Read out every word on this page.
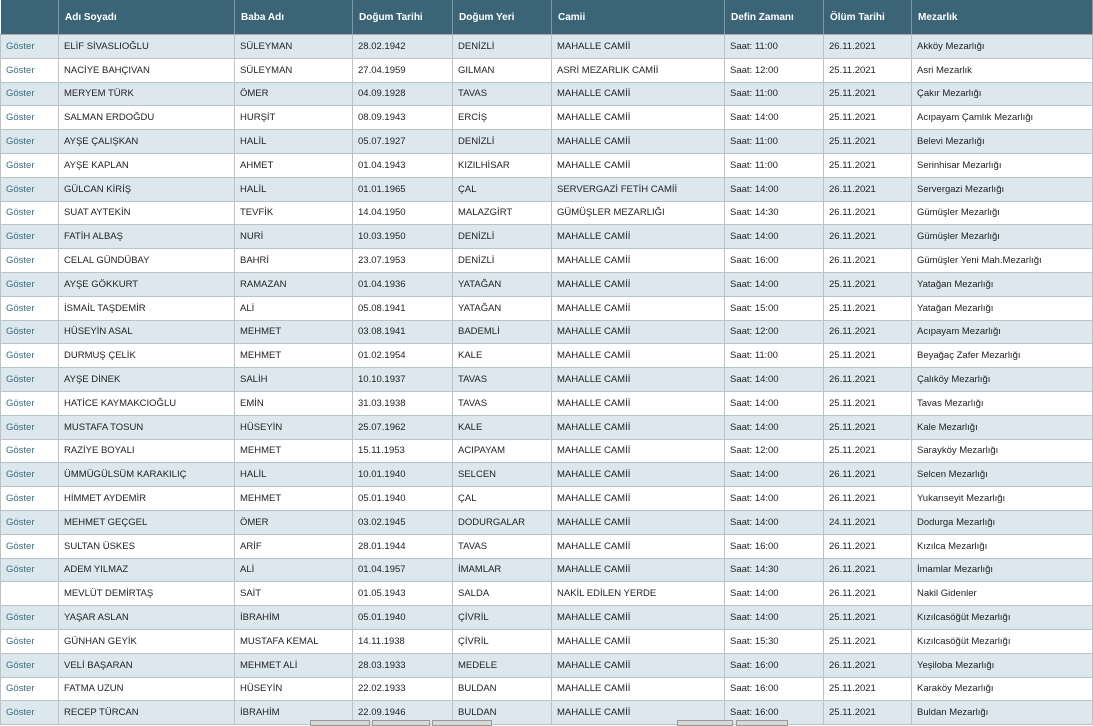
	Adı Soyadı	Baba Adı	Doğum Tarihi	Doğum Yeri	Camii	Defin Zamanı	Ölüm Tarihi	Mezarlık
Göster	ELİF SİVASLIOĞLU	SÜLEYMAN	28.02.1942	DENİZLİ	MAHALLE CAMİİ	Saat: 11:00	26.11.2021	Akköy Mezarlığı
Göster	NACİYE BAHÇIVAN	SÜLEYMAN	27.04.1959	GILMAN	ASRİ MEZARLIK CAMİİ	Saat: 12:00	25.11.2021	Asri Mezarlık
Göster	MERYEM TÜRK	ÖMER	04.09.1928	TAVAS	MAHALLE CAMİİ	Saat: 11:00	25.11.2021	Çakır Mezarlığı
Göster	SALMAN ERDOĞDU	HURŞİT	08.09.1943	ERCİŞ	MAHALLE CAMİİ	Saat: 14:00	25.11.2021	Acıpayam Çamlık Mezarlığı
Göster	AYŞE ÇALIŞKAN	HALİL	05.07.1927	DENİZLİ	MAHALLE CAMİİ	Saat: 11:00	25.11.2021	Belevi Mezarlığı
Göster	AYŞE KAPLAN	AHMET	01.04.1943	KIZILHİSAR	MAHALLE CAMİİ	Saat: 11:00	25.11.2021	Serinhisar Mezarlığı
Göster	GÜLCAN KİRİŞ	HALİL	01.01.1965	ÇAL	SERVERGAZİ FETİH CAMİİ	Saat: 14:00	26.11.2021	Servergazi Mezarlığı
Göster	SUAT AYTEKİN	TEVFİK	14.04.1950	MALAZGİRT	GÜMÜŞLER MEZARLIĞI	Saat: 14:30	26.11.2021	Gümüşler Mezarlığı
Göster	FATİH ALBAŞ	NURİ	10.03.1950	DENİZLİ	MAHALLE CAMİİ	Saat: 14:00	26.11.2021	Gümüşler Mezarlığı
Göster	CELAL GÜNDÜBAY	BAHRİ	23.07.1953	DENİZLİ	MAHALLE CAMİİ	Saat: 16:00	26.11.2021	Gümüşler Yeni Mah.Mezarlığı
Göster	AYŞE GÖKKURT	RAMAZAN	01.04.1936	YATAĞAN	MAHALLE CAMİİ	Saat: 14:00	25.11.2021	Yatağan Mezarlığı
Göster	İSMAİL TAŞDEMİR	ALİ	05.08.1941	YATAĞAN	MAHALLE CAMİİ	Saat: 15:00	25.11.2021	Yatağan Mezarlığı
Göster	HÜSEYİN ASAL	MEHMET	03.08.1941	BADEMLİ	MAHALLE CAMİİ	Saat: 12:00	26.11.2021	Acıpayam Mezarlığı
Göster	DURMUŞ ÇELİK	MEHMET	01.02.1954	KALE	MAHALLE CAMİİ	Saat: 11:00	25.11.2021	Beyağaç Zafer Mezarlığı
Göster	AYŞE DİNEK	SALİH	10.10.1937	TAVAS	MAHALLE CAMİİ	Saat: 14:00	26.11.2021	Çalıköy Mezarlığı
Göster	HATİCE KAYMAKCIOĞLU	EMİN	31.03.1938	TAVAS	MAHALLE CAMİİ	Saat: 14:00	25.11.2021	Tavas Mezarlığı
Göster	MUSTAFA TOSUN	HÜSEYİN	25.07.1962	KALE	MAHALLE CAMİİ	Saat: 14:00	25.11.2021	Kale Mezarlığı
Göster	RAZİYE BOYALI	MEHMET	15.11.1953	ACIPAYAM	MAHALLE CAMİİ	Saat: 12:00	25.11.2021	Sarayköy Mezarlığı
Göster	ÜMMÜGÜLSÜM KARAKILIÇ	HALİL	10.01.1940	SELCEN	MAHALLE CAMİİ	Saat: 14:00	26.11.2021	Selcen Mezarlığı
Göster	HİMMET AYDEMİR	MEHMET	05.01.1940	ÇAL	MAHALLE CAMİİ	Saat: 14:00	26.11.2021	Yukarıseyit Mezarlığı
Göster	MEHMET GEÇGEL	ÖMER	03.02.1945	DODURGALAR	MAHALLE CAMİİ	Saat: 14:00	24.11.2021	Dodurga Mezarlığı
Göster	SULTAN ÜSKES	ARİF	28.01.1944	TAVAS	MAHALLE CAMİİ	Saat: 16:00	26.11.2021	Kızılca Mezarlığı
Göster	ADEM YILMAZ	ALİ	01.04.1957	İMAMLAR	MAHALLE CAMİİ	Saat: 14:30	26.11.2021	İmamlar Mezarlığı
	MEVLÜT DEMİRTAŞ	SAİT	01.05.1943	SALDA	NAKİL EDİLEN YERDE	Saat: 14:00	26.11.2021	Nakil Gidenler
Göster	YAŞAR ASLAN	İBRAHİM	05.01.1940	ÇİVRİL	MAHALLE CAMİİ	Saat: 14:00	25.11.2021	Kızılcasöğüt Mezarlığı
Göster	GÜNHAN GEYİK	MUSTAFA KEMAL	14.11.1938	ÇİVRİL	MAHALLE CAMİİ	Saat: 15:30	25.11.2021	Kızılcasöğüt Mezarlığı
Göster	VELİ BAŞARAN	MEHMET ALİ	28.03.1933	MEDELE	MAHALLE CAMİİ	Saat: 16:00	26.11.2021	Yeşiloba Mezarlığı
Göster	FATMA UZUN	HÜSEYİN	22.02.1933	BULDAN	MAHALLE CAMİİ	Saat: 16:00	25.11.2021	Karaköy Mezarlığı
Göster	RECEP TÜRCAN	İBRAHİM	22.09.1946	BULDAN	MAHALLE CAMİİ	Saat: 16:00	25.11.2021	Buldan Mezarlığı
